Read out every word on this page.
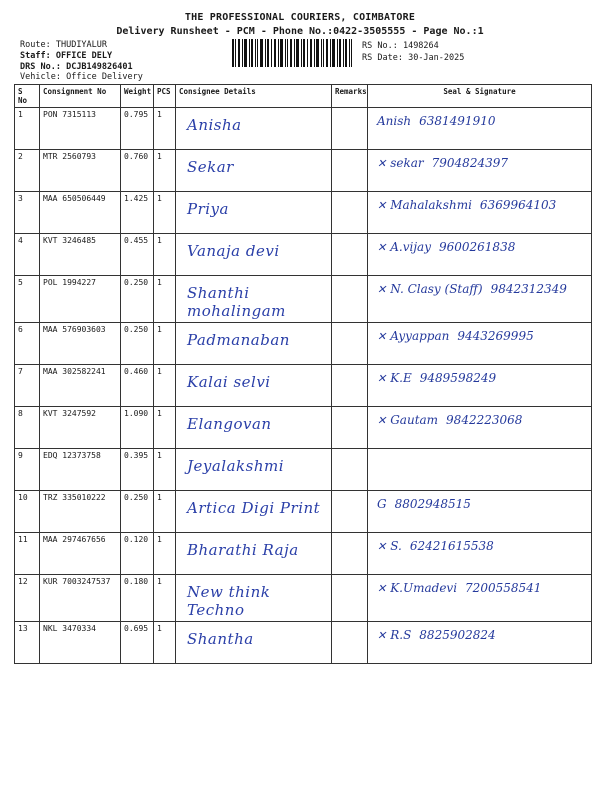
THE PROFESSIONAL COURIERS, COIMBATORE
Delivery Runsheet - PCM - Phone No.:0422-3505555 - Page No.:1
Route: THUDIYALUR
Staff: OFFICE DELY
DRS No.: DCJB149826401
Vehicle: Office Delivery
RS No.: 1498264
RS Date: 30-Jan-2025
S No	Consignment No	Weight	PCS	Consignee Details	Remarks	Seal & Signature
1	PON 7315113	0.795	1	Anisha		Anish 6381491910

2	MTR 2560793	0.760	1	Sekar		✕ sekar 7904824397

3	MAA 650506449	1.425	1	Priya		✕ Mahalakshmi 6369964103

4	KVT 3246485	0.455	1	Vanaja devi		✕ A.vijay 9600261838

5	POL 1994227	0.250	1	Shanthi mohalingam		✕ N. Clasy (Staff) 9842312349

6	MAA 576903603	0.250	1	Padmanaban		✕ Ayyappan 9443269995

7	MAA 302582241	0.460	1	Kalai selvi		✕ K.E 9489598249

8	KVT 3247592	1.090	1	Elangovan		✕ Gautam 9842223068

9	EDQ 12373758	0.395	1	Jeyalakshmi		

10	TRZ 335010222	0.250	1	Artica Digi Print		G 8802948515

11	MAA 297467656	0.120	1	Bharathi Raja		✕ S. 62421615538

12	KUR 7003247537	0.180	1	New think Techno		✕ K.Umadevi 7200558541

13	NKL 3470334	0.695	1	Shantha		✕ R.S 8825902824
